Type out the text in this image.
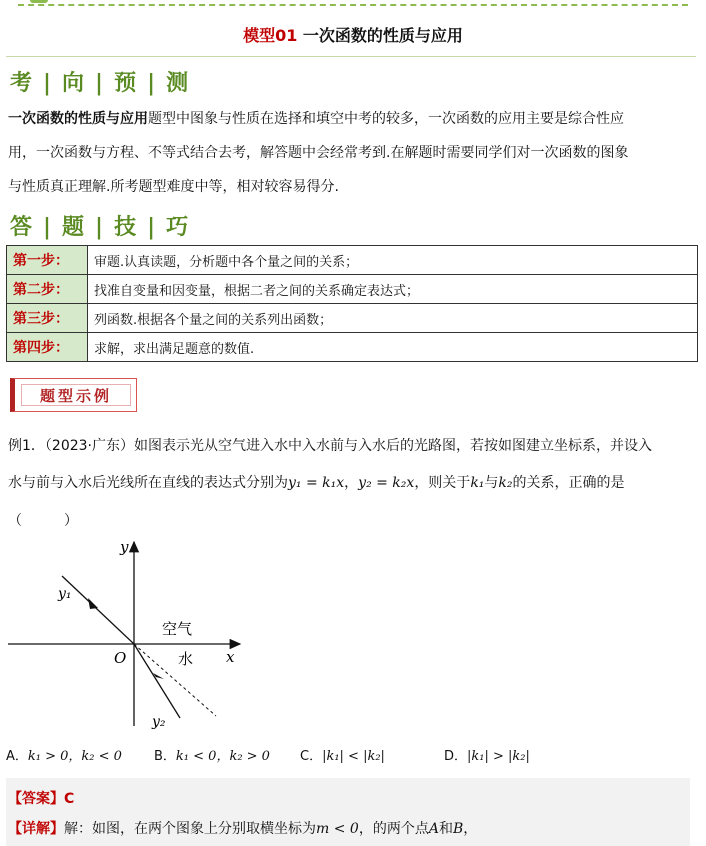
模型01 一次函数的性质与应用
考 | 向 | 预 | 测
一次函数的性质与应用题型中图象与性质在选择和填空中考的较多，一次函数的应用主要是综合性应
用，一次函数与方程、不等式结合去考，解答题中会经常考到.在解题时需要同学们对一次函数的图象
与性质真正理解.所考题型难度中等，相对较容易得分.
答 | 题 | 技 | 巧
第一步：	审题.认真读题，分析题中各个量之间的关系；
第二步：	找准自变量和因变量，根据二者之间的关系确定表达式；
第三步：	列函数.根据各个量之间的关系列出函数；
第四步：	求解，求出满足题意的数值.
题型示例
例1．（2023·广东）如图表示光从空气进入水中入水前与入水后的光路图，若按如图建立坐标系，并设入
水与前与入水后光线所在直线的表达式分别为y₁ = k₁x，y₂ = k₂x，则关于k₁与k₂的关系，正确的是
（　　　）
y
x
O
y₁
y₂
空气
水
A．k₁ > 0，k₂ < 0 B．k₁ < 0，k₂ > 0 C．|k₁| < |k₂|	D．|k₁| > |k₂|
【答案】C
【详解】解：如图，在两个图象上分别取横坐标为m < 0，的两个点A和B，
